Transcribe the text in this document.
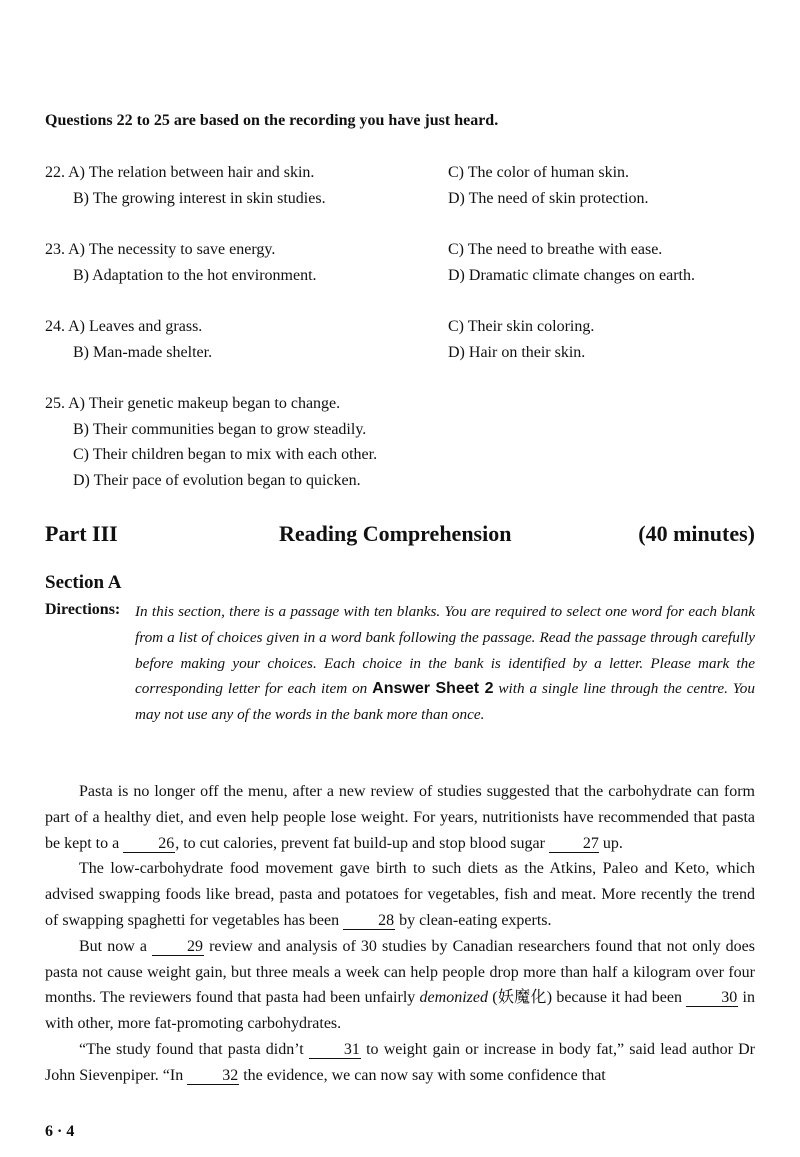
Questions 22 to 25 are based on the recording you have just heard.
22. A) The relation between hair and skin.	C) The color of human skin.
B) The growing interest in skin studies.	D) The need of skin protection.
23. A) The necessity to save energy.	C) The need to breathe with ease.
B) Adaptation to the hot environment.	D) Dramatic climate changes on earth.
24. A) Leaves and grass.	C) Their skin coloring.
B) Man-made shelter.	D) Hair on their skin.
25. A) Their genetic makeup began to change.
B) Their communities began to grow steadily.
C) Their children began to mix with each other.
D) Their pace of evolution began to quicken.
Part III	Reading Comprehension	(40 minutes)
Section A
Directions: In this section, there is a passage with ten blanks. You are required to select one word for each blank from a list of choices given in a word bank following the passage. Read the passage through carefully before making your choices. Each choice in the bank is identified by a letter. Please mark the corresponding letter for each item on Answer Sheet 2 with a single line through the centre. You may not use any of the words in the bank more than once.

Pasta is no longer off the menu, after a new review of studies suggested that the carbohydrate can form part of a healthy diet, and even help people lose weight. For years, nutritionists have recommended that pasta be kept to a 26, to cut calories, prevent fat build-up and stop blood sugar 27 up.

The low-carbohydrate food movement gave birth to such diets as the Atkins, Paleo and Keto, which advised swapping foods like bread, pasta and potatoes for vegetables, fish and meat. More recently the trend of swapping spaghetti for vegetables has been 28 by clean-eating experts.

But now a 29 review and analysis of 30 studies by Canadian researchers found that not only does pasta not cause weight gain, but three meals a week can help people drop more than half a kilogram over four months. The reviewers found that pasta had been unfairly demonized (妖魔化) because it had been 30 in with other, more fat-promoting carbohydrates.

“The study found that pasta didn’t 31 to weight gain or increase in body fat,” said lead author Dr John Sievenpiper. “In 32 the evidence, we can now say with some confidence that

6 · 4
